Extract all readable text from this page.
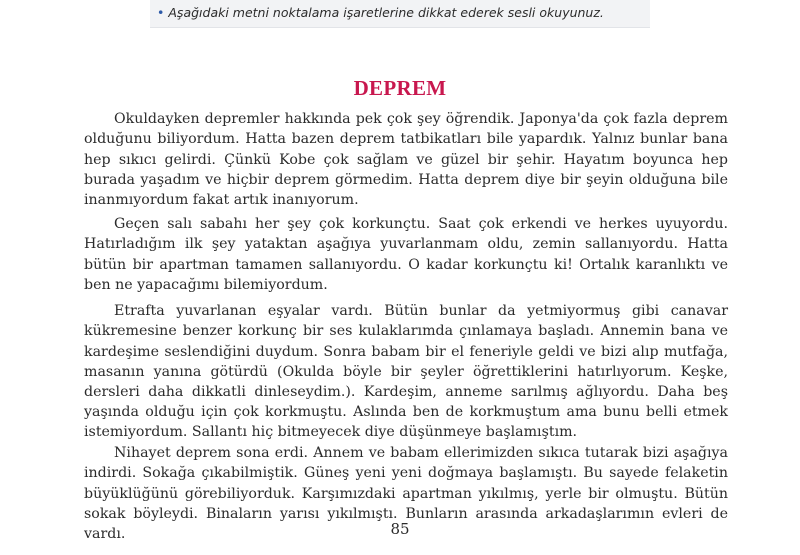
• Aşağıdaki metni noktalama işaretlerine dikkat ederek sesli okuyunuz.
DEPREM

Okuldayken depremler hakkında pek çok şey öğrendik. Japonya'da çok fazla deprem olduğunu biliyordum. Hatta bazen deprem tatbikatları bile yapardık. Yalnız bunlar bana hep sıkıcı gelirdi. Çünkü Kobe çok sağlam ve güzel bir şehir. Hayatım boyunca hep burada yaşadım ve hiçbir deprem görmedim. Hatta deprem diye bir şeyin olduğuna bile inanmıyordum fakat artık inanıyorum.

Geçen salı sabahı her şey çok korkunçtu. Saat çok erkendi ve herkes uyuyordu. Hatırladığım ilk şey yataktan aşağıya yuvarlanmam oldu, zemin sallanıyordu. Hatta bütün bir apartman tamamen sallanıyordu. O kadar korkunçtu ki! Ortalık karanlıktı ve ben ne yapacağımı bilemiyordum.

Etrafta yuvarlanan eşyalar vardı. Bütün bunlar da yetmiyormuş gibi canavar kükremesine benzer korkunç bir ses kulaklarımda çınlamaya başladı. Annemin bana ve kardeşime seslendiğini duydum. Sonra babam bir el feneriyle geldi ve bizi alıp mutfağa, masanın yanına götürdü (Okulda böyle bir şeyler öğrettiklerini hatırlıyorum. Keşke, dersleri daha dikkatli dinleseydim.). Kardeşim, anneme sarılmış ağlıyordu. Daha beş yaşında olduğu için çok korkmuştu. Aslında ben de korkmuştum ama bunu belli etmek istemiyordum. Sallantı hiç bitmeyecek diye düşünmeye başlamıştım.

Nihayet deprem sona erdi. Annem ve babam ellerimizden sıkıca tutarak bizi aşağıya indirdi. Sokağa çıkabilmiştik. Güneş yeni yeni doğmaya başlamıştı. Bu sayede felaketin büyüklüğünü görebiliyorduk. Karşımızdaki apartman yıkılmış, yerle bir olmuştu. Bütün sokak böyleydi. Binaların yarısı yıkılmıştı. Bunların arasında arkadaşlarımın evleri de vardı.	85
